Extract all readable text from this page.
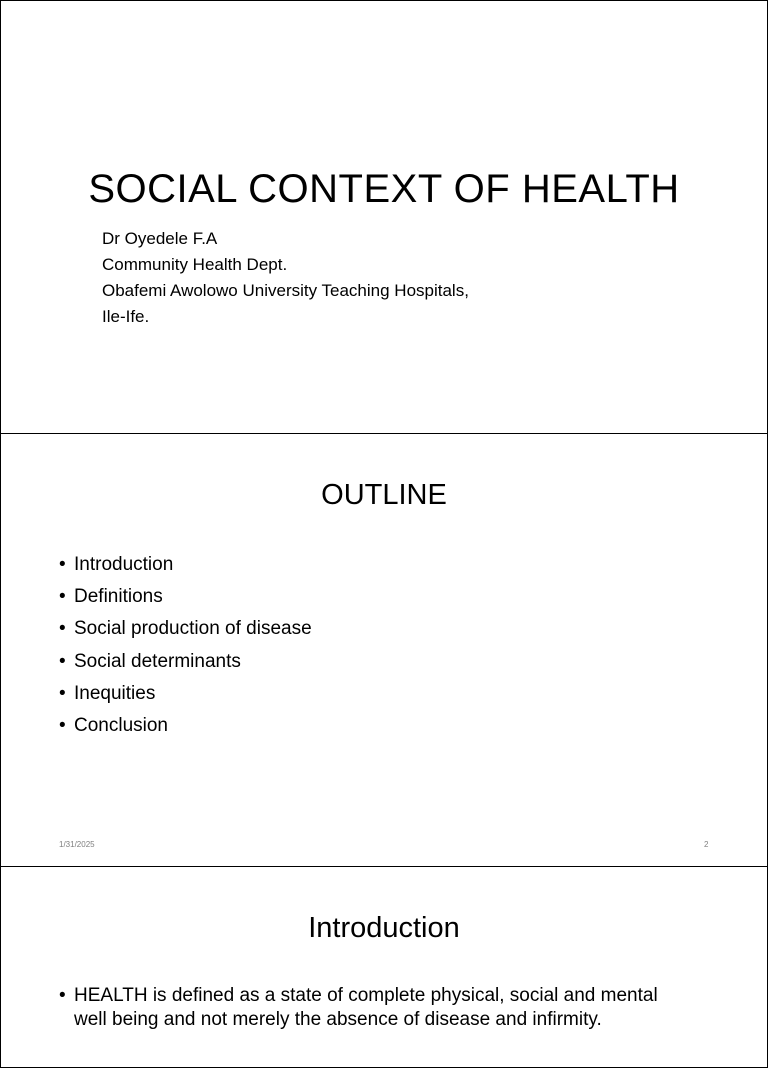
SOCIAL CONTEXT OF HEALTH
Dr Oyedele F.A
Community Health Dept.
Obafemi Awolowo University Teaching Hospitals,
Ile-Ife.
OUTLINE
• Introduction
• Definitions
• Social production of disease
• Social determinants
• Inequities
• Conclusion
1/31/2025	2
Introduction
• HEALTH is defined as a state of complete physical, social and mental
well being and not merely the absence of disease and infirmity.
